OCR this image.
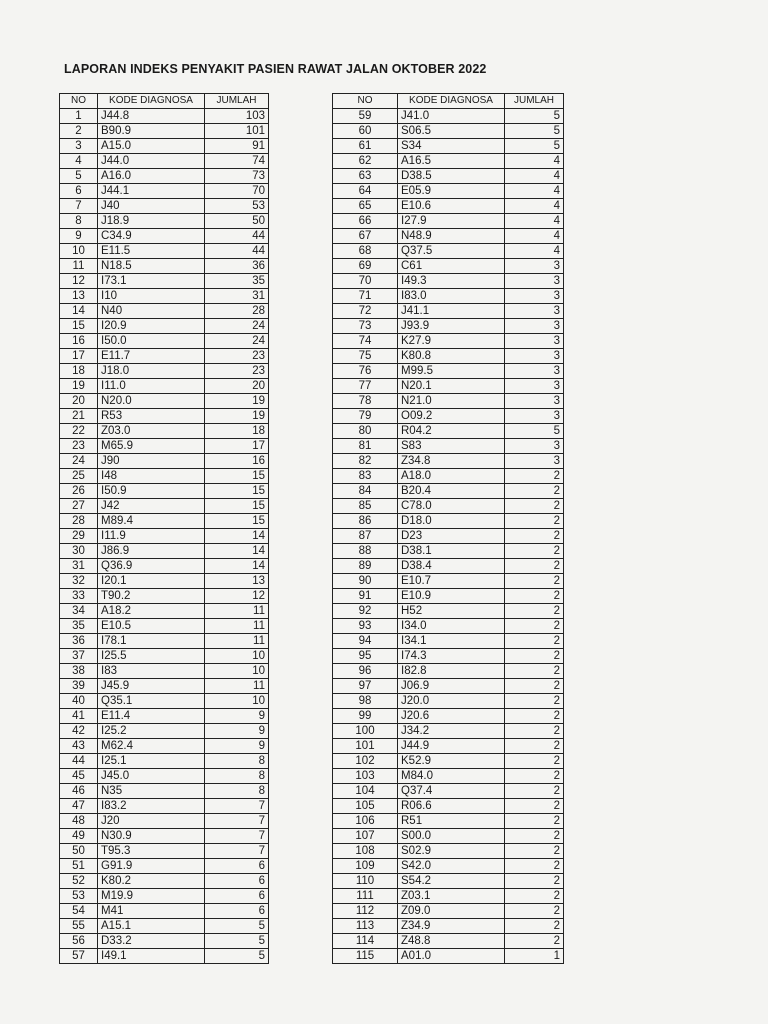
LAPORAN INDEKS PENYAKIT PASIEN RAWAT JALAN OKTOBER 2022
NO	KODE DIAGNOSA	JUMLAH
1	J44.8	103
2	B90.9	101
3	A15.0	91
4	J44.0	74
5	A16.0	73
6	J44.1	70
7	J40	53
8	J18.9	50
9	C34.9	44
10	E11.5	44
11	N18.5	36
12	I73.1	35
13	I10	31
14	N40	28
15	I20.9	24
16	I50.0	24
17	E11.7	23
18	J18.0	23
19	I11.0	20
20	N20.0	19
21	R53	19
22	Z03.0	18
23	M65.9	17
24	J90	16
25	I48	15
26	I50.9	15
27	J42	15
28	M89.4	15
29	I11.9	14
30	J86.9	14
31	Q36.9	14
32	I20.1	13
33	T90.2	12
34	A18.2	11
35	E10.5	11
36	I78.1	11
37	I25.5	10
38	I83	10
39	J45.9	11
40	Q35.1	10
41	E11.4	9
42	I25.2	9
43	M62.4	9
44	I25.1	8
45	J45.0	8
46	N35	8
47	I83.2	7
48	J20	7
49	N30.9	7
50	T95.3	7
51	G91.9	6
52	K80.2	6
53	M19.9	6
54	M41	6
55	A15.1	5
56	D33.2	5
57	I49.1	5
NO	KODE DIAGNOSA	JUMLAH
59	J41.0	5
60	S06.5	5
61	S34	5
62	A16.5	4
63	D38.5	4
64	E05.9	4
65	E10.6	4
66	I27.9	4
67	N48.9	4
68	Q37.5	4
69	C61	3
70	I49.3	3
71	I83.0	3
72	J41.1	3
73	J93.9	3
74	K27.9	3
75	K80.8	3
76	M99.5	3
77	N20.1	3
78	N21.0	3
79	O09.2	3
80	R04.2	5
81	S83	3
82	Z34.8	3
83	A18.0	2
84	B20.4	2
85	C78.0	2
86	D18.0	2
87	D23	2
88	D38.1	2
89	D38.4	2
90	E10.7	2
91	E10.9	2
92	H52	2
93	I34.0	2
94	I34.1	2
95	I74.3	2
96	I82.8	2
97	J06.9	2
98	J20.0	2
99	J20.6	2
100	J34.2	2
101	J44.9	2
102	K52.9	2
103	M84.0	2
104	Q37.4	2
105	R06.6	2
106	R51	2
107	S00.0	2
108	S02.9	2
109	S42.0	2
110	S54.2	2
111	Z03.1	2
112	Z09.0	2
113	Z34.9	2
114	Z48.8	2
115	A01.0	1
